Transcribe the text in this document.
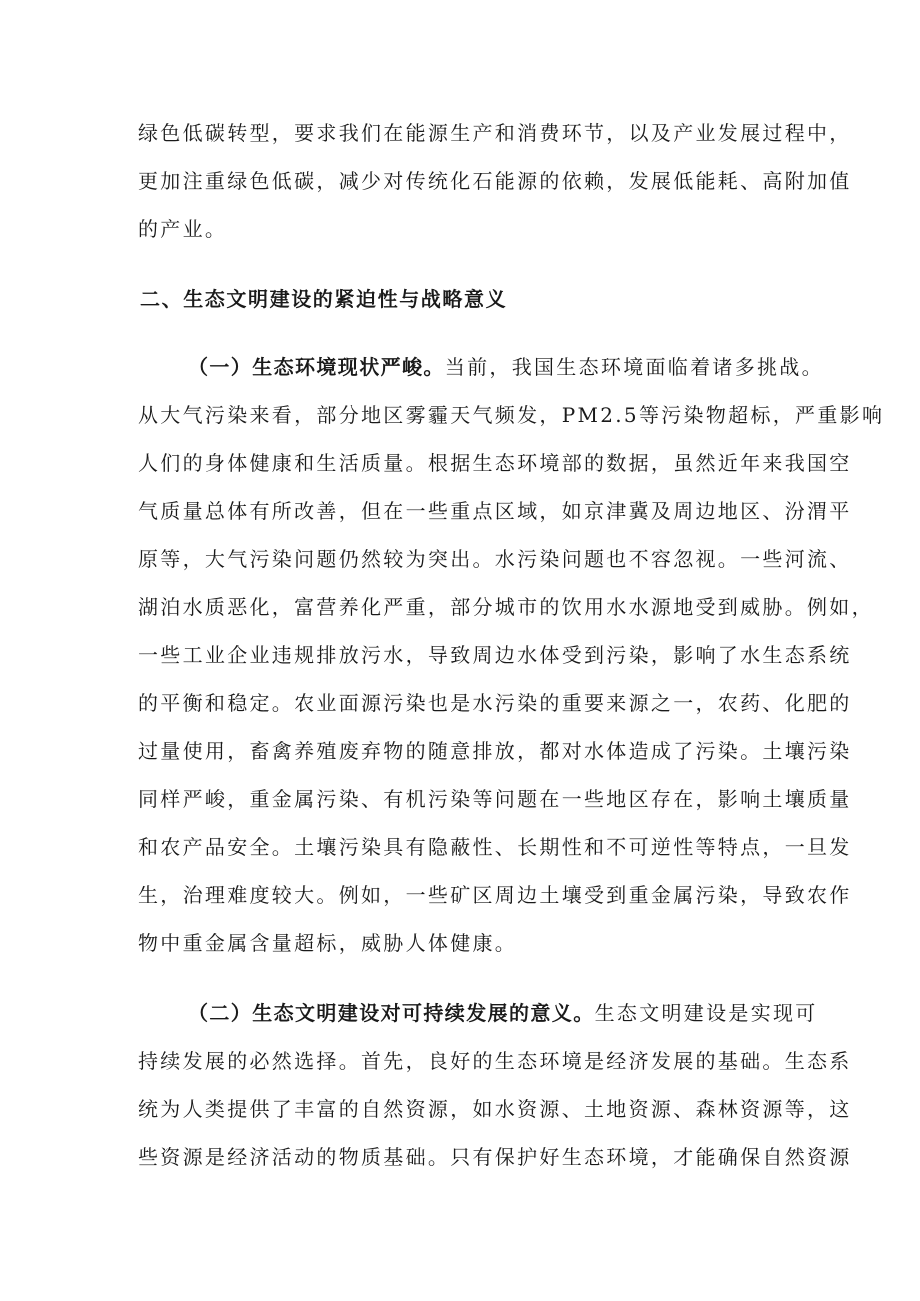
绿色低碳转型，要求我们在能源生产和消费环节，以及产业发展过程中，
更加注重绿色低碳，减少对传统化石能源的依赖，发展低能耗、高附加值
的产业。
二、生态文明建设的紧迫性与战略意义
（一）生态环境现状严峻。当前，我国生态环境面临着诸多挑战。
从大气污染来看，部分地区雾霾天气频发，PM2.5等污染物超标，严重影响
人们的身体健康和生活质量。根据生态环境部的数据，虽然近年来我国空
气质量总体有所改善，但在一些重点区域，如京津冀及周边地区、汾渭平
原等，大气污染问题仍然较为突出。水污染问题也不容忽视。一些河流、
湖泊水质恶化，富营养化严重，部分城市的饮用水水源地受到威胁。例如，
一些工业企业违规排放污水，导致周边水体受到污染，影响了水生态系统
的平衡和稳定。农业面源污染也是水污染的重要来源之一，农药、化肥的
过量使用，畜禽养殖废弃物的随意排放，都对水体造成了污染。土壤污染
同样严峻，重金属污染、有机污染等问题在一些地区存在，影响土壤质量
和农产品安全。土壤污染具有隐蔽性、长期性和不可逆性等特点，一旦发
生，治理难度较大。例如，一些矿区周边土壤受到重金属污染，导致农作
物中重金属含量超标，威胁人体健康。
（二）生态文明建设对可持续发展的意义。生态文明建设是实现可
持续发展的必然选择。首先，良好的生态环境是经济发展的基础。生态系
统为人类提供了丰富的自然资源，如水资源、土地资源、森林资源等，这
些资源是经济活动的物质基础。只有保护好生态环境，才能确保自然资源
